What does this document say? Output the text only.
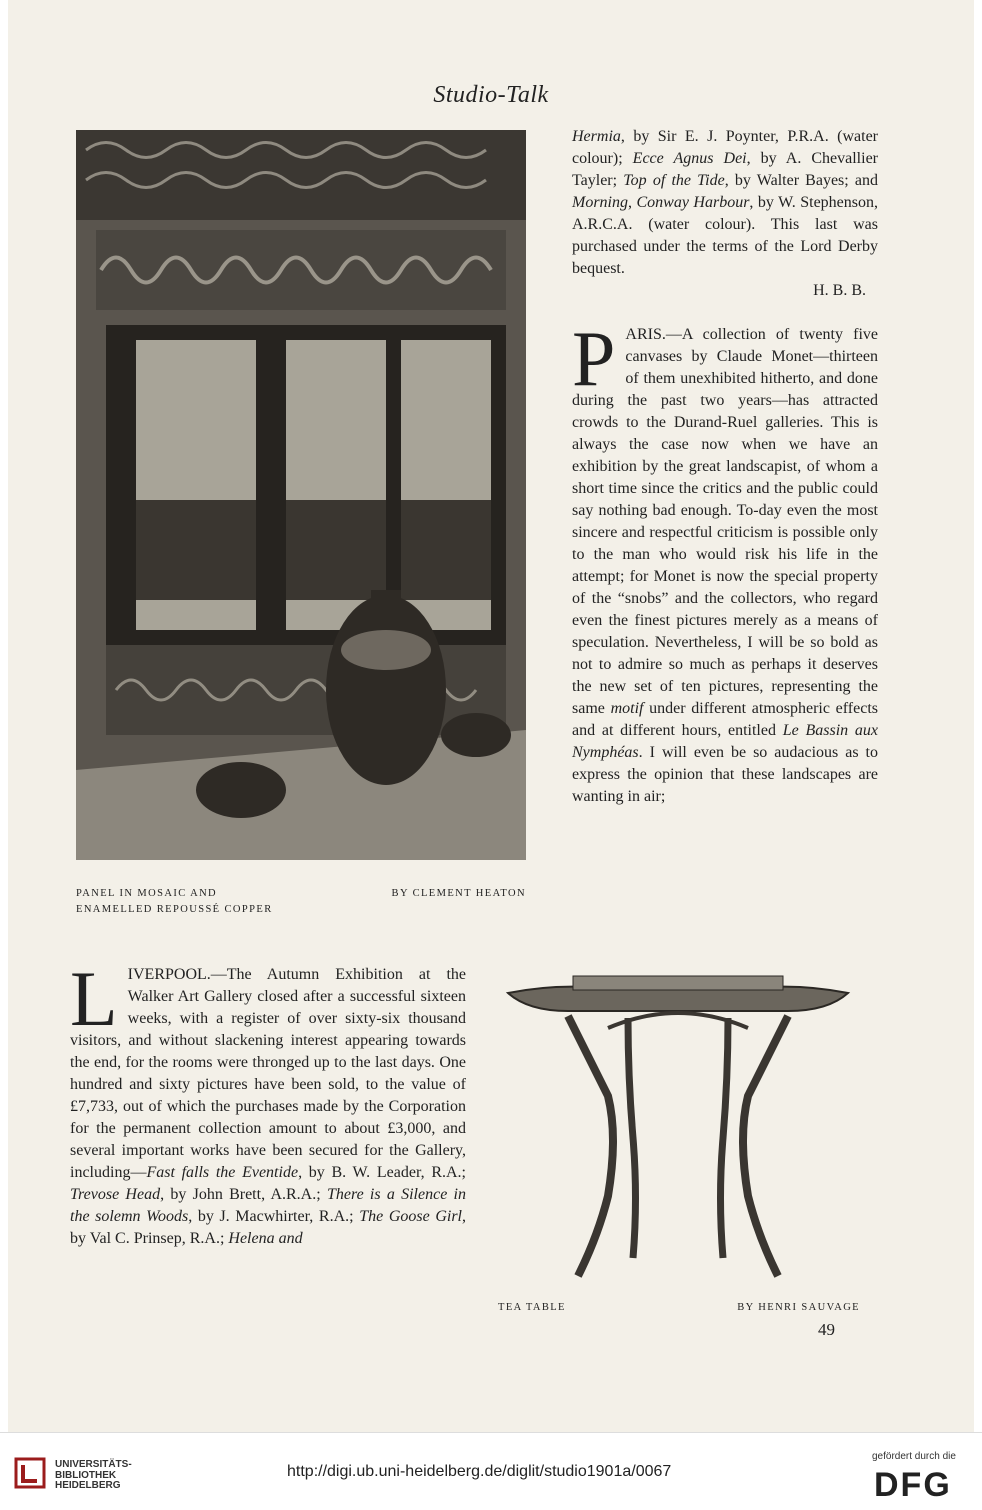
Studio-Talk
PANEL IN MOSAIC AND
ENAMELLED REPOUSSÉ COPPER
BY CLEMENT HEATON

Hermia, by Sir E. J. Poynter, P.R.A. (water colour); Ecce Agnus Dei, by A. Chevallier Tayler; Top of the Tide, by Walter Bayes; and Morning, Conway Harbour, by W. Stephenson, A.R.C.A. (water colour). This last was purchased under the terms of the Lord Derby bequest.

H. B. B.

PARIS.—A collection of twenty five canvases by Claude Monet—thirteen of them unexhibited hitherto, and done during the past two years—has attracted crowds to the Durand-Ruel galleries. This is always the case now when we have an exhibition by the great landscapist, of whom a short time since the critics and the public could say nothing bad enough. To-day even the most sincere and respectful criticism is possible only to the man who would risk his life in the attempt; for Monet is now the special property of the “snobs” and the collectors, who regard even the finest pictures merely as a means of speculation. Nevertheless, I will be so bold as not to admire so much as perhaps it deserves the new set of ten pictures, representing the same motif under different atmospheric effects and at different hours, entitled Le Bassin aux Nymphéas. I will even be so audacious as to express the opinion that these landscapes are wanting in air;

LIVERPOOL.—The Autumn Exhibition at the Walker Art Gallery closed after a successful sixteen weeks, with a register of over sixty-six thousand visitors, and without slackening interest appearing towards the end, for the rooms were thronged up to the last days. One hundred and sixty pictures have been sold, to the value of £7,733, out of which the purchases made by the Corporation for the permanent collection amount to about £3,000, and several important works have been secured for the Gallery, including—Fast falls the Eventide, by B. W. Leader, R.A.; Trevose Head, by John Brett, A.R.A.; There is a Silence in the solemn Woods, by J. Macwhirter, R.A.; The Goose Girl, by Val C. Prinsep, R.A.; Helena and

TEA TABLE	BY HENRI SAUVAGE
49
UNIVERSITÄTS-
BIBLIOTHEK
HEIDELBERG
http://digi.ub.uni-heidelberg.de/diglit/studio1901a/0067
gefördert durch die
DFG
